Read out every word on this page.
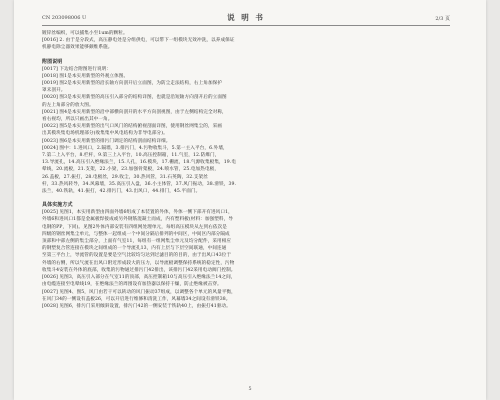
CN 203098006 U	说 明 书	2/3 页
镀锌丝编织，可以捕集小至1um的颗粒。
[0016] 2. 由于是分段式，高压静电处是分组供电，可以带下一组模块无效冲洗，以养成保证
机静电除尘器效果能够颇维系施。
附图说明
[0017] 下边结合附图进行说明：
[0018] 图1是本实用新型的外观立体图。
[0019] 图2是本实用新型的沿长轴方向剖开后立面图，为防尘走法结构，右上角加保护
罩未剖开。
[0020] 图3是本实用新型的高压引入部分的结构详图，也就是沿短轴方向剖开后的立面图
的左上角部分的放大图。
[0021] 图4是本实用新型的沿中部横向剖开的水平方向剖视图，由于左侧结构完全对称，
看右视均，所以只画出其中一角。
[0022] 图5是本实用新型的出气口风门的结构俯视剖面详图，使用钢丝网集尘的，采画
出其模块集电场机理部分(收集集中风电结构为非导电部分)。
[0023] 图6是本实用新型的排污门调定的结构剖面结构详细。
[0024] 图中：1.进风口，2.隔墙，3.排污门，4.污物收集斗，5.第一主入平台，6.外墙，
7.第二上入平台，8.栏杆，9.第三上入平台，10.高压控制箱，11.气室，12.防爆门，
13.导流孔，14.高压引入绝缘法兰，15.人孔，16.模块，17.栅流，18.气源收集板集，19.电
晕线，20.流板，21.支架，22.小梁，23.加强骨架板，24.喷水管，25.电加热电极，
26.盖板，27.振打，28.电极丝，29.收尘，30.热风管，31.石英陶，32.支架丝
杆，33.热风转导，34.风幕墙，35.高压引入盘，36.小主体管，37.风门振动，38.滑铁，39.
法兰，40.铁轨，41.振打，42.排污门，43.出风口，44.排门，45.平面门。
具体实施方式
[0025] 见图1，本实用新型由四面外墙6组成了本装置的外体，外体一侧下部开有进风口1，
外墙6和进风口1都是金属板焊接成或另外钢筋混凝土而成，内有塑料板(材料：加强塑料，导
电钢的PP，下同)。见图2外体内部安装有四组网处理单元，每组高压模块从左到右依次是
四级的钢丝网集尘单元，与整体一起组成一个中间分隔后排列的中间区，中间区内部分隔成
顶部和中部左侧的集尘部分，上面有气室11，每组有一组网集尘单元及均分配件，采用相应
的钢塑复合管连接在模块之间组成的一个导流孔13，内有上层与下层空间联通，中间连通
至第三平台上，导流管的设置是要是空气比较均匀达到过滤目的的目的，由于出风口43位于
外墙的右侧，所以气流在出风口附近形成较大的压力，以导流板调整保持系统的稳定性，污物
收集斗4安装在外体的底部，收集的污物通过排污门42排出，该排污门42采用电动阀门控制。
[0026] 见图3，高压引入部分在气室11的顶部，高压控制箱10与高压引入绝缘法兰14之间，
由电缆连接至电晕线19，在绝缘法兰的周围设有加热器以保持干燥，防止绝缘被击穿。
[0027] 见图4、图5，风门由若干可以转动的风门振动37组成，以调整各个单元的风量平衡，
在风门34的一侧设有盖板26，可以开启进行维修和清洗工作，风幕墙34之间设有滑铁38。
[0028] 见图6，排污门采用倾斜设置，排污门42的一侧安装于铁轨40上，由振打41驱动。
5
